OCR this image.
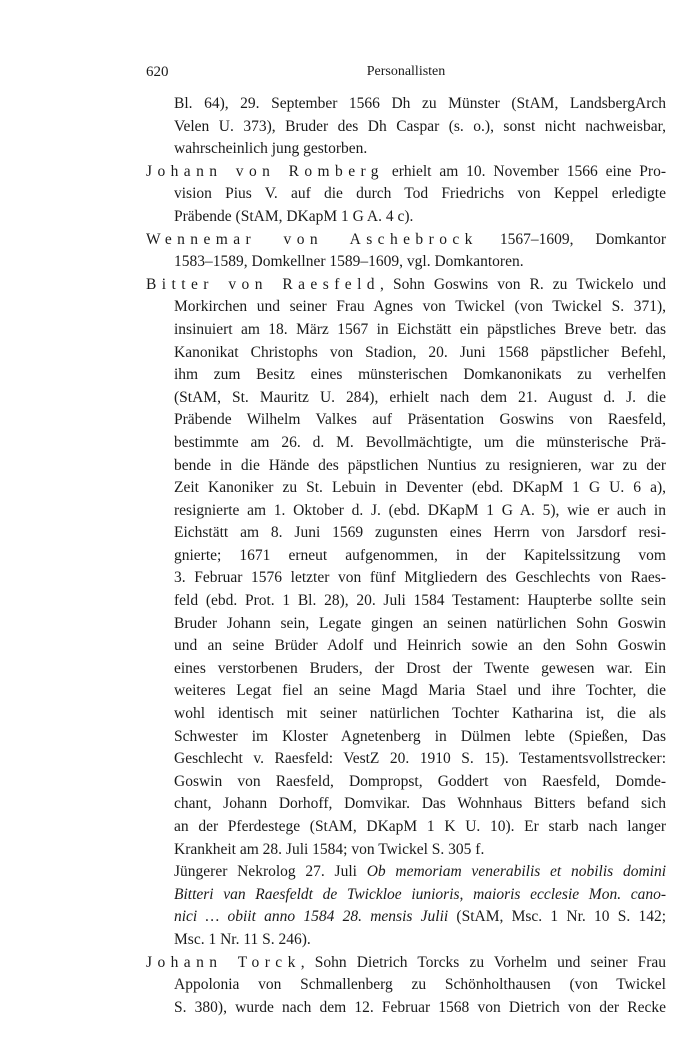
620	Personallisten

Bl. 64), 29. September 1566 Dh zu Münster (StAM, LandsbergArch
Velen U. 373), Bruder des Dh Caspar (s. o.), sonst nicht nachweisbar,
wahrscheinlich jung gestorben.

Johann von Romberg erhielt am 10. November 1566 eine Pro-
vision Pius V. auf die durch Tod Friedrichs von Keppel erledigte
Präbende (StAM, DKapM 1 G A. 4 c).

Wennemar von Aschebrock 1567–1609, Domkantor
1583–1589, Domkellner 1589–1609, vgl. Domkantoren.

Bitter von Raesfeld, Sohn Goswins von R. zu Twickelo und
Morkirchen und seiner Frau Agnes von Twickel (von Twickel S. 371),
insinuiert am 18. März 1567 in Eichstätt ein päpstliches Breve betr. das
Kanonikat Christophs von Stadion, 20. Juni 1568 päpstlicher Befehl,
ihm zum Besitz eines münsterischen Domkanonikats zu verhelfen
(StAM, St. Mauritz U. 284), erhielt nach dem 21. August d. J. die
Präbende Wilhelm Valkes auf Präsentation Goswins von Raesfeld,
bestimmte am 26. d. M. Bevollmächtigte, um die münsterische Prä-
bende in die Hände des päpstlichen Nuntius zu resignieren, war zu der
Zeit Kanoniker zu St. Lebuin in Deventer (ebd. DKapM 1 G U. 6 a),
resignierte am 1. Oktober d. J. (ebd. DKapM 1 G A. 5), wie er auch in
Eichstätt am 8. Juni 1569 zugunsten eines Herrn von Jarsdorf resi-
gnierte; 1671 erneut aufgenommen, in der Kapitelssitzung vom
3. Februar 1576 letzter von fünf Mitgliedern des Geschlechts von Raes-
feld (ebd. Prot. 1 Bl. 28), 20. Juli 1584 Testament: Haupterbe sollte sein
Bruder Johann sein, Legate gingen an seinen natürlichen Sohn Goswin
und an seine Brüder Adolf und Heinrich sowie an den Sohn Goswin
eines verstorbenen Bruders, der Drost der Twente gewesen war. Ein
weiteres Legat fiel an seine Magd Maria Stael und ihre Tochter, die
wohl identisch mit seiner natürlichen Tochter Katharina ist, die als
Schwester im Kloster Agnetenberg in Dülmen lebte (Spießen, Das
Geschlecht v. Raesfeld: VestZ 20. 1910 S. 15). Testamentsvollstrecker:
Goswin von Raesfeld, Dompropst, Goddert von Raesfeld, Domde-
chant, Johann Dorhoff, Domvikar. Das Wohnhaus Bitters befand sich
an der Pferdestege (StAM, DKapM 1 K U. 10). Er starb nach langer
Krankheit am 28. Juli 1584; von Twickel S. 305 f.
Jüngerer Nekrolog 27. Juli Ob memoriam venerabilis et nobilis domini
Bitteri van Raesfeldt de Twickloe iunioris, maioris ecclesie Mon. cano-
nici … obiit anno 1584 28. mensis Julii (StAM, Msc. 1 Nr. 10 S. 142;
Msc. 1 Nr. 11 S. 246).

Johann Torck, Sohn Dietrich Torcks zu Vorhelm und seiner Frau
Appolonia von Schmallenberg zu Schönholthausen (von Twickel
S. 380), wurde nach dem 12. Februar 1568 von Dietrich von der Recke
